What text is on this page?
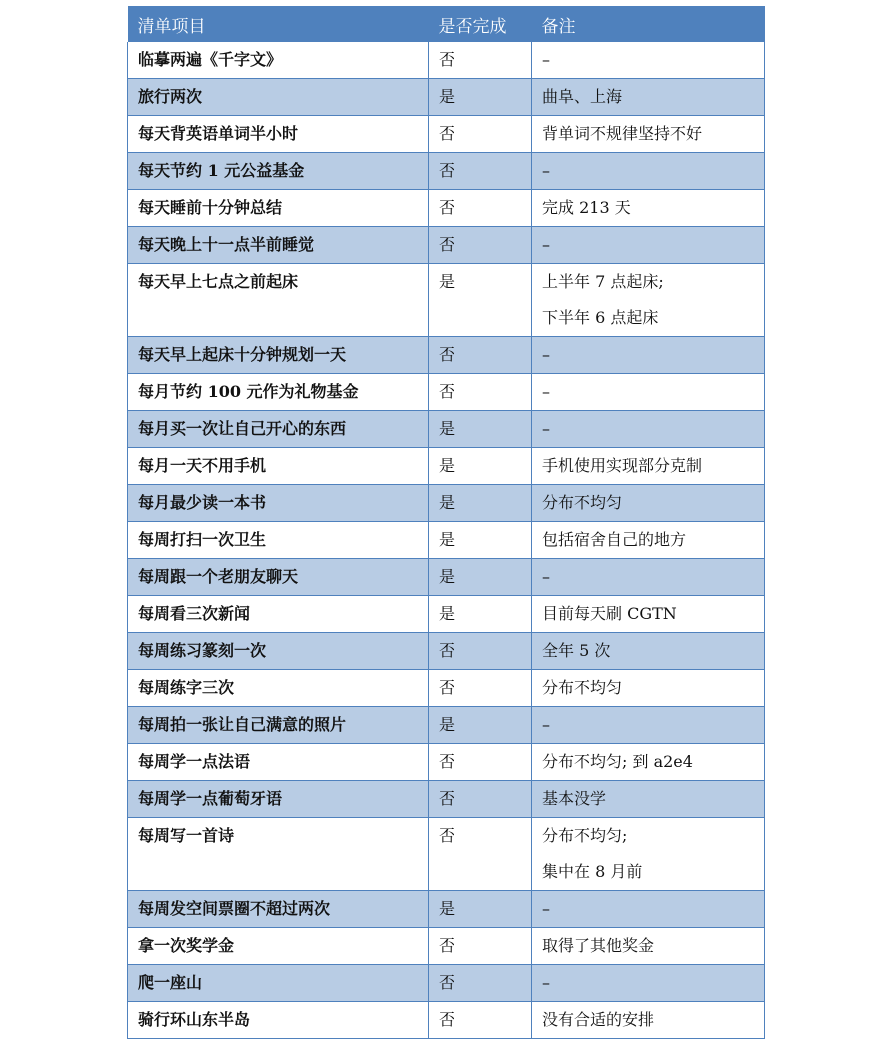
清单项目	是否完成	备注
临摹两遍《千字文》	否	–

旅行两次	是	曲阜、上海

每天背英语单词半小时	否	背单词不规律坚持不好

每天节约 1 元公益基金	否	–

每天睡前十分钟总结	否	完成 213 天

每天晚上十一点半前睡觉	否	–

每天早上七点之前起床	是	上半年 7 点起床;
下半年 6 点起床

每天早上起床十分钟规划一天	否	–

每月节约 100 元作为礼物基金	否	–

每月买一次让自己开心的东西	是	–

每月一天不用手机	是	手机使用实现部分克制

每月最少读一本书	是	分布不均匀

每周打扫一次卫生	是	包括宿舍自己的地方

每周跟一个老朋友聊天	是	–

每周看三次新闻	是	目前每天刷 CGTN

每周练习篆刻一次	否	全年 5 次

每周练字三次	否	分布不均匀

每周拍一张让自己满意的照片	是	–

每周学一点法语	否	分布不均匀; 到 a2e4

每周学一点葡萄牙语	否	基本没学

每周写一首诗	否	分布不均匀;
集中在 8 月前

每周发空间票圈不超过两次	是	–

拿一次奖学金	否	取得了其他奖金

爬一座山	否	–

骑行环山东半岛	否	没有合适的安排
